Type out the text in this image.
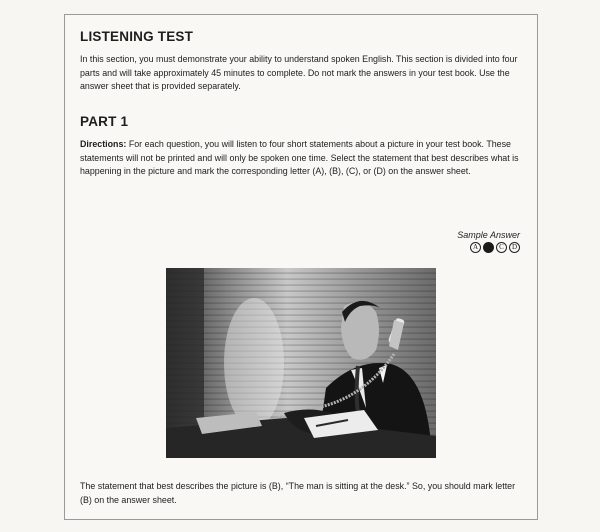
LISTENING TEST

In this section, you must demonstrate your ability to understand spoken English. This section is divided into four parts and will take approximately 45 minutes to complete. Do not mark the answers in your test book. Use the answer sheet that is provided separately.

PART 1

Directions: For each question, you will listen to four short statements about a picture in your test book. These statements will not be printed and will only be spoken one time. Select the statement that best describes what is happening in the picture and mark the corresponding letter (A), (B), (C), or (D) on the answer sheet.

Sample Answer
A	C	D

The statement that best describes the picture is (B), “The man is sitting at the desk.” So, you should mark letter (B) on the answer sheet.
